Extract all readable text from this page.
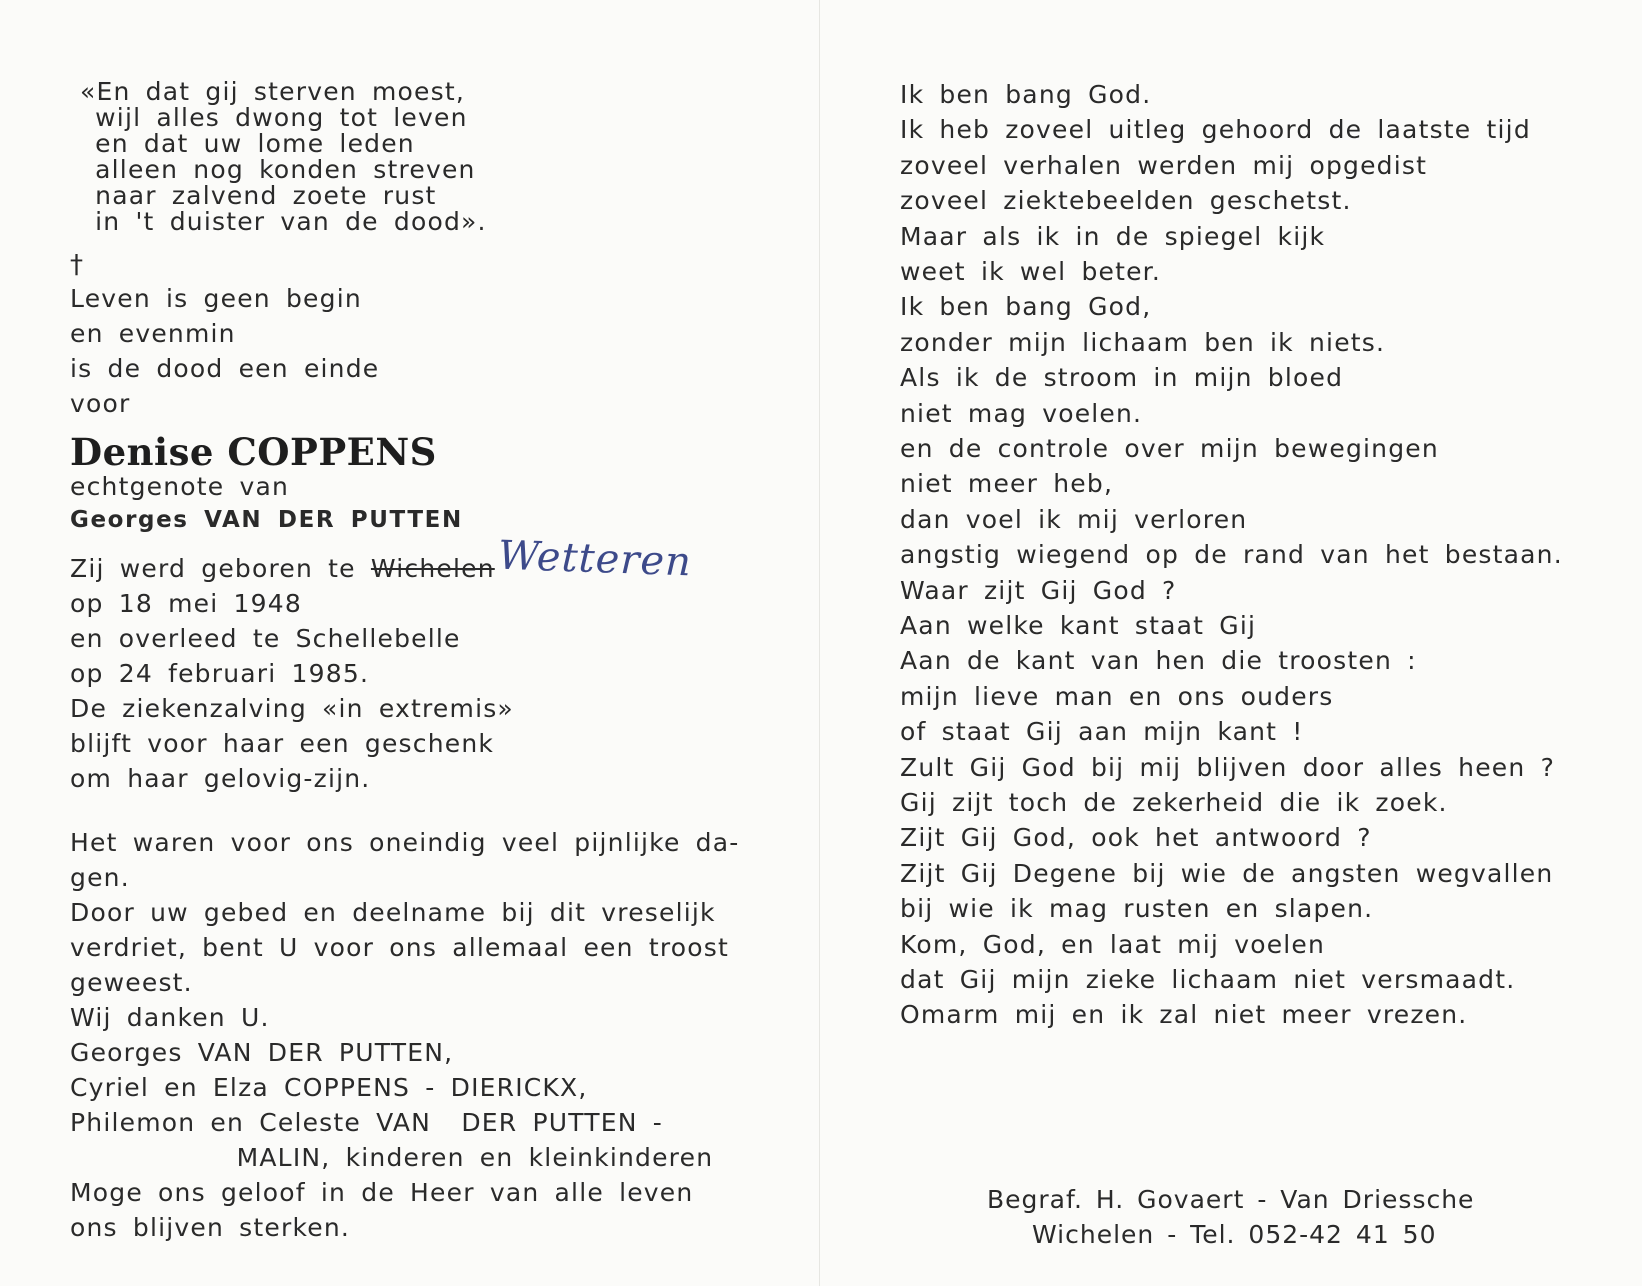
«En dat gij sterven moest,

wijl alles dwong tot leven

en dat uw lome leden

alleen nog konden streven

naar zalvend zoete rust

in 't duister van de dood».

†

Leven is geen begin

en evenmin

is de dood een einde

voor

Denise COPPENS

echtgenote van

Georges VAN DER PUTTEN

Zij werd geboren te Wichelen

Wetteren

op 18 mei 1948

en overleed te Schellebelle

op 24 februari 1985.

De ziekenzalving «in extremis»

blijft voor haar een geschenk

om haar gelovig-zijn.

Het waren voor ons oneindig veel pijnlijke da-

gen.

Door uw gebed en deelname bij dit vreselijk

verdriet, bent U voor ons allemaal een troost

geweest.

Wij danken U.

Georges VAN DER PUTTEN,

Cyriel en Elza COPPENS - DIERICKX,

Philemon en Celeste VAN  DER PUTTEN -

MALIN, kinderen en kleinkinderen

Moge ons geloof in de Heer van alle leven

ons blijven sterken.

Ik ben bang God.

Ik heb zoveel uitleg gehoord de laatste tijd

zoveel verhalen werden mij opgedist

zoveel ziektebeelden geschetst.

Maar als ik in de spiegel kijk

weet ik wel beter.

Ik ben bang God,

zonder mijn lichaam ben ik niets.

Als ik de stroom in mijn bloed

niet mag voelen.

en de controle over mijn bewegingen

niet meer heb,

dan voel ik mij verloren

angstig wiegend op de rand van het bestaan.

Waar zijt Gij God ?

Aan welke kant staat Gij

Aan de kant van hen die troosten :

mijn lieve man en ons ouders

of staat Gij aan mijn kant !

Zult Gij God bij mij blijven door alles heen ?

Gij zijt toch de zekerheid die ik zoek.

Zijt Gij God, ook het antwoord ?

Zijt Gij Degene bij wie de angsten wegvallen

bij wie ik mag rusten en slapen.

Kom, God, en laat mij voelen

dat Gij mijn zieke lichaam niet versmaadt.

Omarm mij en ik zal niet meer vrezen.

Begraf. H. Govaert - Van Driessche
Wichelen - Tel. 052-42 41 50
